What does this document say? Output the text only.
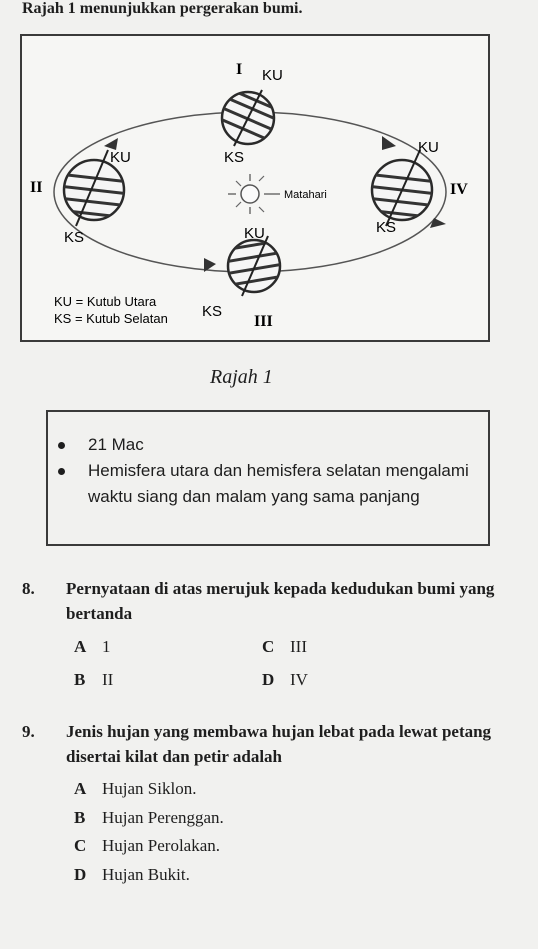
Rajah 1 menunjukkan pergerakan bumi.
I
II
III
IV
KU
KS
KU
KS	KU
KS
KU
KS
Matahari
KU = Kutub Utara
KS = Kutub Selatan
Rajah 1
21 Mac
Hemisfera utara dan hemisfera selatan mengalami waktu siang dan malam yang sama panjang
8. Pernyataan di atas merujuk kepada kedudukan bumi yang bertanda
A 1	C III
B II	D IV
9. Jenis hujan yang membawa hujan lebat pada lewat petang disertai kilat dan petir adalah
A Hujan Siklon.
B Hujan Perenggan.
C Hujan Perolakan.
D Hujan Bukit.
